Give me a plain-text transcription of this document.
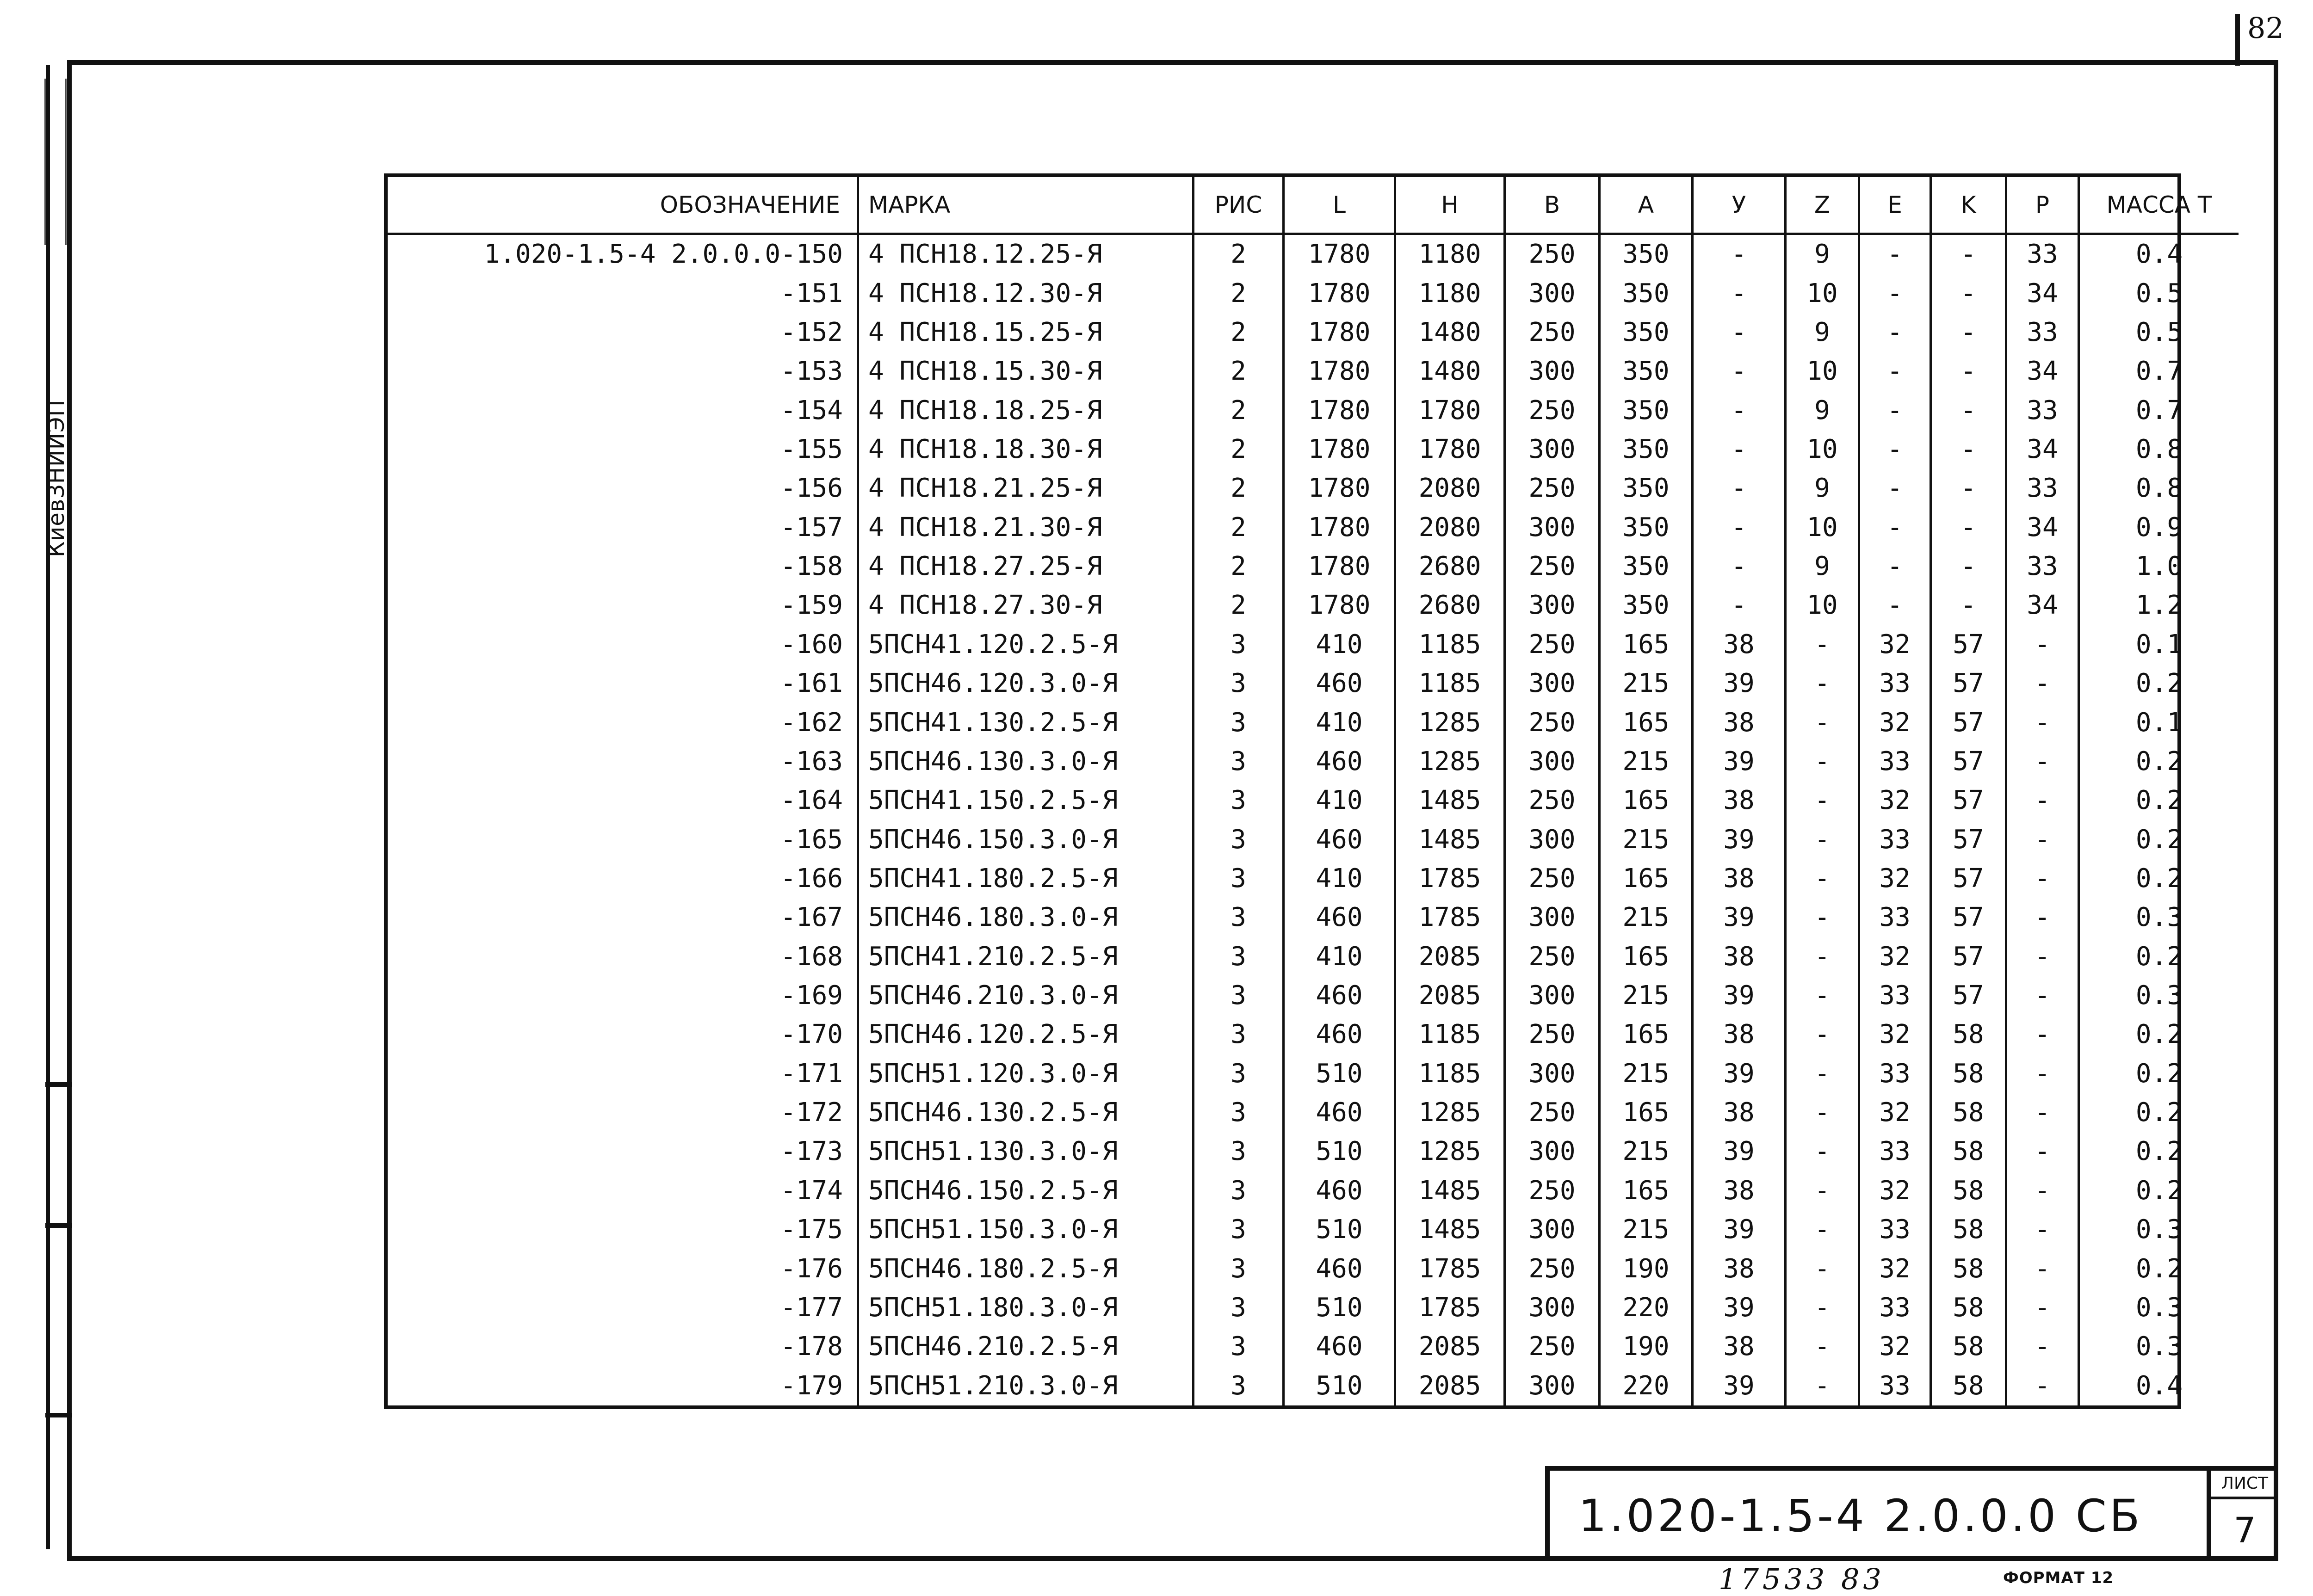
82
КиевЗНИИЭП
ОБОЗНАЧЕНИЕ	МАРКА	РИС	L	H	B	A	У	Z	E	K	P	МАССА Т
1.020-1.5-4 2.0.0.0-150	4 ПСН18.12.25-Я	2	1780	1180	250	350	-	9	-	-	33	0.4
-151	4 ПСН18.12.30-Я	2	1780	1180	300	350	-	10	-	-	34	0.5
-152	4 ПСН18.15.25-Я	2	1780	1480	250	350	-	9	-	-	33	0.5
-153	4 ПСН18.15.30-Я	2	1780	1480	300	350	-	10	-	-	34	0.7
-154	4 ПСН18.18.25-Я	2	1780	1780	250	350	-	9	-	-	33	0.7
-155	4 ПСН18.18.30-Я	2	1780	1780	300	350	-	10	-	-	34	0.8
-156	4 ПСН18.21.25-Я	2	1780	2080	250	350	-	9	-	-	33	0.8
-157	4 ПСН18.21.30-Я	2	1780	2080	300	350	-	10	-	-	34	0.9
-158	4 ПСН18.27.25-Я	2	1780	2680	250	350	-	9	-	-	33	1.0
-159	4 ПСН18.27.30-Я	2	1780	2680	300	350	-	10	-	-	34	1.2
-160	5ПСН41.120.2.5-Я	3	410	1185	250	165	38	-	32	57	-	0.1
-161	5ПСН46.120.3.0-Я	3	460	1185	300	215	39	-	33	57	-	0.2
-162	5ПСН41.130.2.5-Я	3	410	1285	250	165	38	-	32	57	-	0.1
-163	5ПСН46.130.3.0-Я	3	460	1285	300	215	39	-	33	57	-	0.2
-164	5ПСН41.150.2.5-Я	3	410	1485	250	165	38	-	32	57	-	0.2
-165	5ПСН46.150.3.0-Я	3	460	1485	300	215	39	-	33	57	-	0.2
-166	5ПСН41.180.2.5-Я	3	410	1785	250	165	38	-	32	57	-	0.2
-167	5ПСН46.180.3.0-Я	3	460	1785	300	215	39	-	33	57	-	0.3
-168	5ПСН41.210.2.5-Я	3	410	2085	250	165	38	-	32	57	-	0.2
-169	5ПСН46.210.3.0-Я	3	460	2085	300	215	39	-	33	57	-	0.3
-170	5ПСН46.120.2.5-Я	3	460	1185	250	165	38	-	32	58	-	0.2
-171	5ПСН51.120.3.0-Я	3	510	1185	300	215	39	-	33	58	-	0.2
-172	5ПСН46.130.2.5-Я	3	460	1285	250	165	38	-	32	58	-	0.2
-173	5ПСН51.130.3.0-Я	3	510	1285	300	215	39	-	33	58	-	0.2
-174	5ПСН46.150.2.5-Я	3	460	1485	250	165	38	-	32	58	-	0.2
-175	5ПСН51.150.3.0-Я	3	510	1485	300	215	39	-	33	58	-	0.3
-176	5ПСН46.180.2.5-Я	3	460	1785	250	190	38	-	32	58	-	0.2
-177	5ПСН51.180.3.0-Я	3	510	1785	300	220	39	-	33	58	-	0.3
-178	5ПСН46.210.2.5-Я	3	460	2085	250	190	38	-	32	58	-	0.3
-179	5ПСН51.210.3.0-Я	3	510	2085	300	220	39	-	33	58	-	0.4
1.020-1.5-4 2.0.0.0 СБ
ЛИСТ
7
17533 83	ФОРМАТ 12
